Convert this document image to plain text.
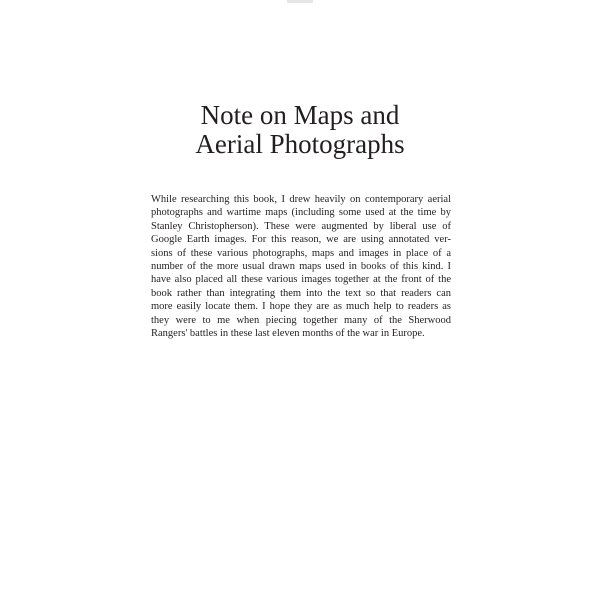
Note on Maps and
Aerial Photographs
While researching this book, I drew heavily on contemporary aerial
photographs and wartime maps (including some used at the time by
Stanley Christopherson). These were augmented by liberal use of
Google Earth images. For this reason, we are using annotated ver-
sions of these various photographs, maps and images in place of a
number of the more usual drawn maps used in books of this kind. I
have also placed all these various images together at the front of the
book rather than integrating them into the text so that readers can
more easily locate them. I hope they are as much help to readers as
they were to me when piecing together many of the Sherwood
Rangers' battles in these last eleven months of the war in Europe.
